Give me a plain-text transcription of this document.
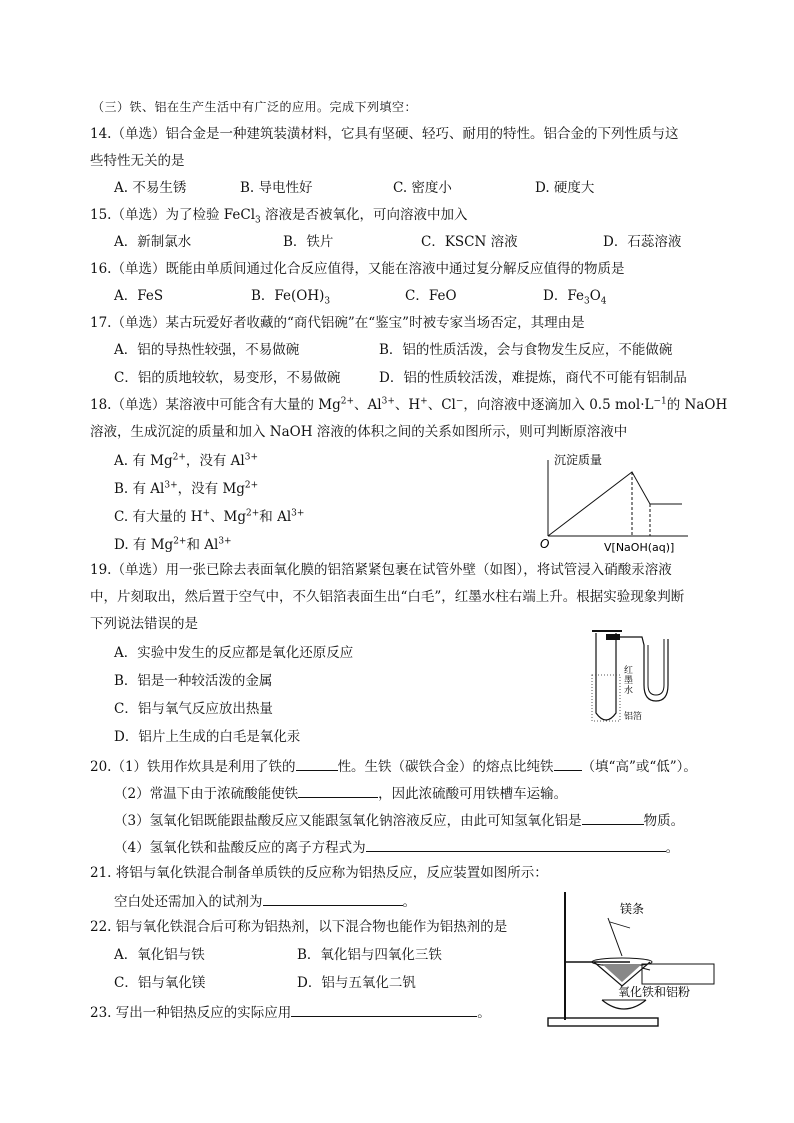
（三）铁、铝在生产生活中有广泛的应用。完成下列填空：
14.（单选）铝合金是一种建筑装潢材料，它具有坚硬、轻巧、耐用的特性。铝合金的下列性质与这
些特性无关的是
A. 不易生锈	B. 导电性好	C. 密度小	D. 硬度大
15.（单选）为了检验 FeCl$_3$ 溶液是否被氧化，可向溶液中加入
A．新制氯水	B．铁片	C．KSCN 溶液	D．石蕊溶液
16.（单选）既能由单质间通过化合反应值得，又能在溶液中通过复分解反应值得的物质是
A．FeS	B．$Fe(OH)_3$	C．FeO	D．$Fe_3O_4$
17.（单选）某古玩爱好者收藏的“商代铝碗”在“鉴宝”时被专家当场否定，其理由是
A．铝的导热性较强，不易做碗	B．铝的性质活泼，会与食物发生反应，不能做碗
C．铝的质地较软，易变形，不易做碗	D．铝的性质较活泼，难提炼，商代不可能有铝制品
18.（单选）某溶液中可能含有大量的 $Mg^{2+}$、$Al^{3+}$、H+、Cl−，向溶液中逐滴加入 0.5 $mol\cdot L^{-1}$的 NaOH
溶液，生成沉淀的质量和加入 NaOH 溶液的体积之间的关系如图所示，则可判断原溶液中
A. 有 $Mg^{2+}$，没有 $Al^{3+}$
B. 有 $Al^{3+}$，没有 $Mg^{2+}$
C. 有大量的 H+、$Mg^{2+}$和 $Al^{3+}$
D. 有 $Mg^{2+}$和 $Al^{3+}$
沉淀质量
O	V[NaOH(aq)]
19.（单选）用一张已除去表面氧化膜的铝箔紧紧包裹在试管外壁（如图），将试管浸入硝酸汞溶液
中，片刻取出，然后置于空气中，不久铝箔表面生出“白毛”，红墨水柱右端上升。根据实验现象判断
下列说法错误的是
A．实验中发生的反应都是氧化还原反应
B．铝是一种较活泼的金属
C．铝与氧气反应放出热量
D．铝片上生成的白毛是氧化汞
红
墨
水
铝箔
20.（1）铁用作炊具是利用了铁的	性。生铁（碳铁合金）的熔点比纯铁 （填“高”或“低”）。
（2）常温下由于浓硫酸能使铁	，因此浓硫酸可用铁槽车运输。
（3）氢氧化铝既能跟盐酸反应又能跟氢氧化钠溶液反应，由此可知氢氧化铝是	物质。
（4）氢氧化铁和盐酸反应的离子方程式为	。
21. 将铝与氧化铁混合制备单质铁的反应称为铝热反应，反应装置如图所示：
空白处还需加入的试剂为	。
22. 铝与氧化铁混合后可称为铝热剂，以下混合物也能作为铝热剂的是
A．氧化铝与铁	B．氧化铝与四氧化三铁
C．铝与氧化镁	D．铝与五氧化二钒
23. 写出一种铝热反应的实际应用	。
镁条
氧化铁和铝粉
